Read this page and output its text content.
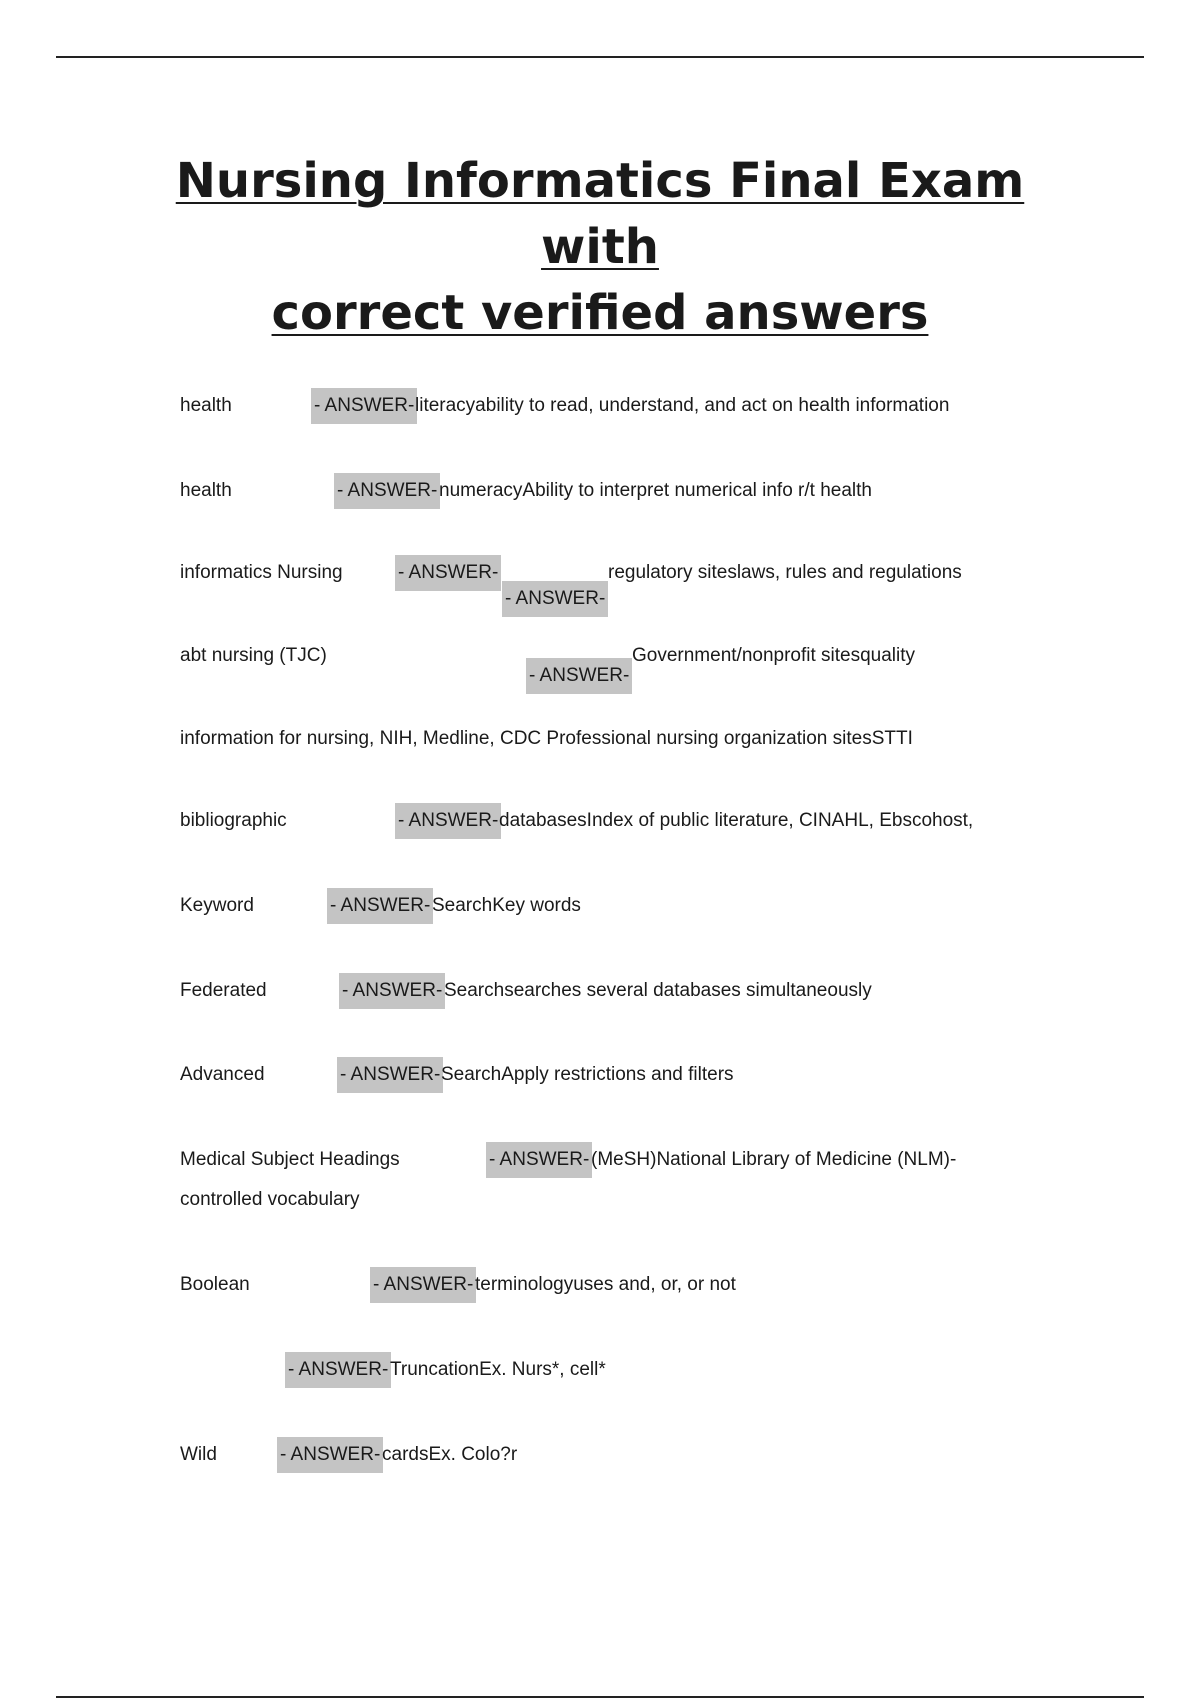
Nursing Informatics Final Exam with
correct verified answers
health	- ANSWER- literacyability to read, understand, and act on health information
health	- ANSWER- numeracyAbility to interpret numerical info r/t health
informatics Nursing	- ANSWER-
- ANSWER-
regulatory siteslaws, rules and regulations
abt nursing (TJC)
- ANSWER-
Government/nonprofit sitesquality
information for nursing, NIH, Medline, CDC Professional nursing organization sitesSTTI
bibliographic	- ANSWER- databasesIndex of public literature, CINAHL, Ebscohost,
Keyword	- ANSWER- SearchKey words
Federated	- ANSWER- Searchsearches several databases simultaneously
Advanced	- ANSWER- SearchApply restrictions and filters
Medical Subject Headings	- ANSWER- (MeSH)National Library of Medicine (NLM)-
controlled vocabulary
Boolean	- ANSWER- terminologyuses and, or, or not
- ANSWER- TruncationEx. Nurs*, cell*
Wild	- ANSWER- cardsEx. Colo?r
